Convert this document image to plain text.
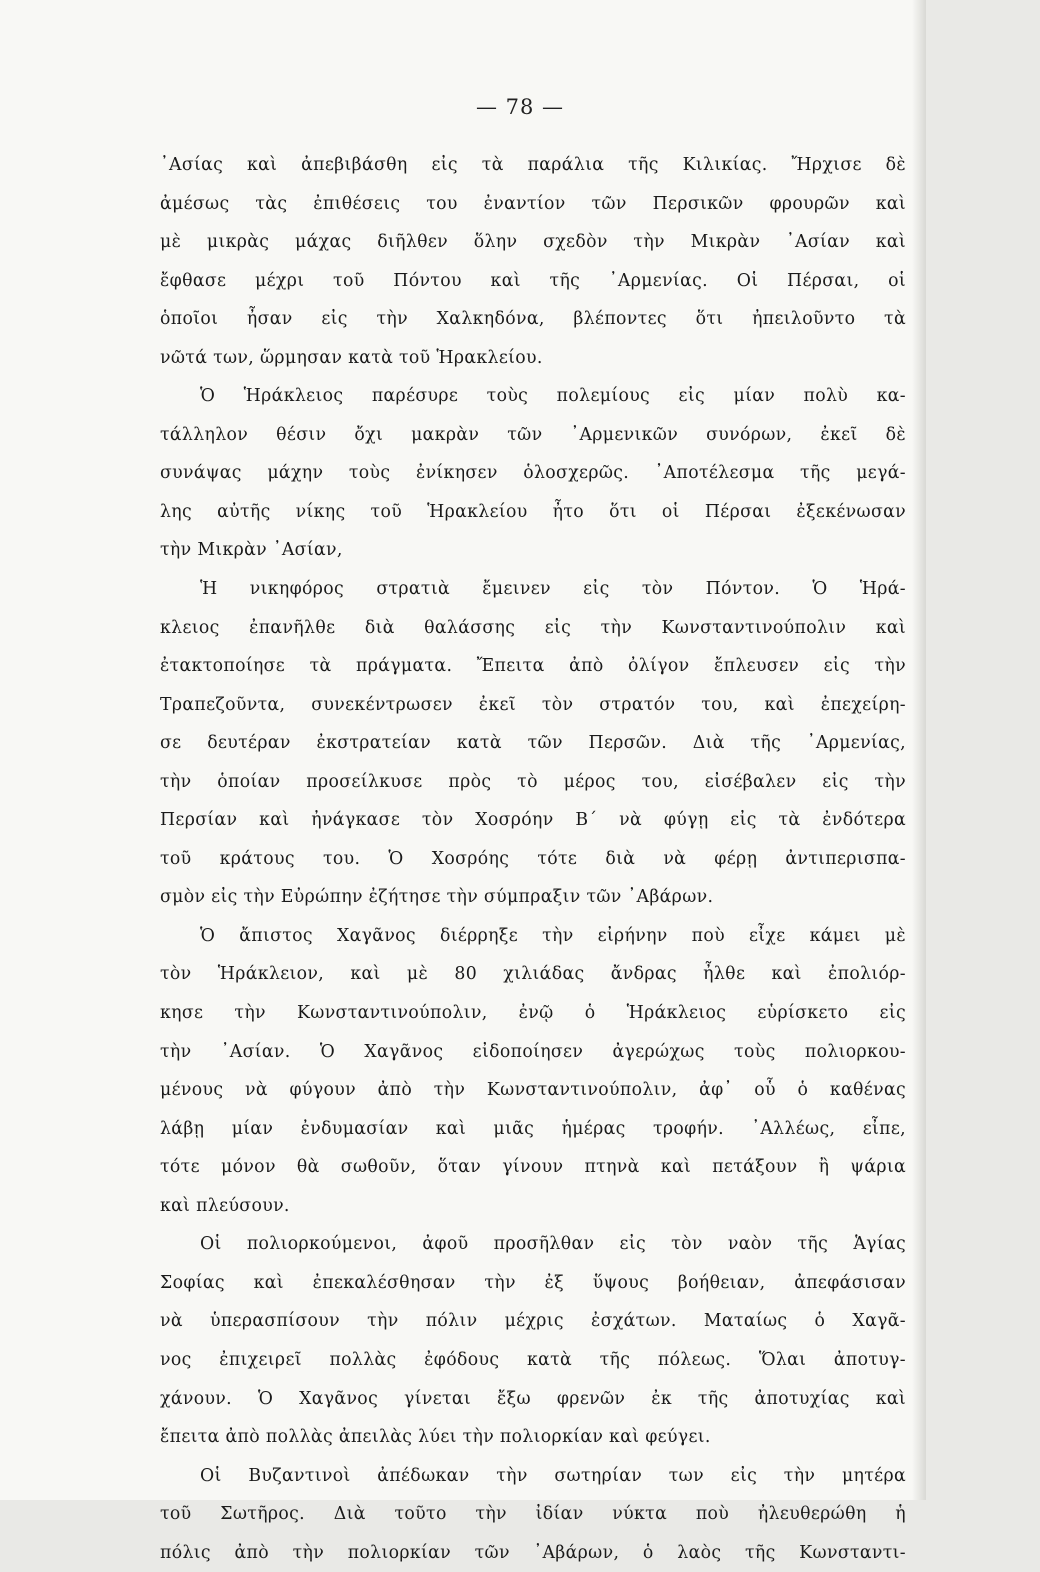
— 78 —
᾿Ασίας καὶ ἀπεβιβάσθη εἰς τὰ παράλια τῆς Κιλικίας. Ἤρχισε δὲ
ἀμέσως τὰς ἐπιθέσεις του ἐναντίον τῶν Περσικῶν φρουρῶν καὶ
μὲ μικρὰς μάχας διῆλθεν ὅλην σχεδὸν τὴν Μικρὰν ᾿Ασίαν καὶ
ἔφθασε μέχρι τοῦ Πόντου καὶ τῆς ᾿Αρμενίας. Οἱ Πέρσαι, οἱ
ὁποῖοι ἦσαν εἰς τὴν Χαλκηδόνα, βλέποντες ὅτι ἠπειλοῦντο τὰ
νῶτά των, ὥρμησαν κατὰ τοῦ Ἡρακλείου.
Ὁ Ἡράκλειος παρέσυρε τοὺς πολεμίους εἰς μίαν πολὺ κα-
τάλληλον θέσιν ὄχι μακρὰν τῶν ᾿Αρμενικῶν συνόρων, ἐκεῖ δὲ
συνάψας μάχην τοὺς ἐνίκησεν ὁλοσχερῶς. ᾿Αποτέλεσμα τῆς μεγά-
λης αὐτῆς νίκης τοῦ Ἡρακλείου ἦτο ὅτι οἱ Πέρσαι ἐξεκένωσαν
τὴν Μικρὰν ᾿Ασίαν,
Ἡ νικηφόρος στρατιὰ ἔμεινεν εἰς τὸν Πόντον. Ὁ Ἡρά-
κλειος ἐπανῆλθε διὰ θαλάσσης εἰς τὴν Κωνσταντινούπολιν καὶ
ἐτακτοποίησε τὰ πράγματα. Ἔπειτα ἀπὸ ὀλίγον ἔπλευσεν εἰς τὴν
Τραπεζοῦντα, συνεκέντρωσεν ἐκεῖ τὸν στρατόν του, καὶ ἐπεχείρη-
σε δευτέραν ἐκστρατείαν κατὰ τῶν Περσῶν. Διὰ τῆς ᾿Αρμενίας,
τὴν ὁποίαν προσείλκυσε πρὸς τὸ μέρος του, εἰσέβαλεν εἰς τὴν
Περσίαν καὶ ἠνάγκασε τὸν Χοσρόην Β΄ νὰ φύγῃ εἰς τὰ ἐνδότερα
τοῦ κράτους του. Ὁ Χοσρόης τότε διὰ νὰ φέρῃ ἀντιπερισπα-
σμὸν εἰς τὴν Εὐρώπην ἐζήτησε τὴν σύμπραξιν τῶν ᾿Αβάρων.
Ὁ ἄπιστος Χαγᾶνος διέρρηξε τὴν εἰρήνην ποὺ εἶχε κάμει μὲ
τὸν Ἡράκλειον, καὶ μὲ 80 χιλιάδας ἄνδρας ἦλθε καὶ ἐπολιόρ-
κησε τὴν Κωνσταντινούπολιν, ἐνῷ ὁ Ἡράκλειος εὑρίσκετο εἰς
τὴν ᾿Ασίαν. Ὁ Χαγᾶνος εἰδοποίησεν ἀγερώχως τοὺς πολιορκου-
μένους νὰ φύγουν ἀπὸ τὴν Κωνσταντινούπολιν, ἀφ᾿ οὗ ὁ καθένας
λάβῃ μίαν ἐνδυμασίαν καὶ μιᾶς ἡμέρας τροφήν. ᾿Αλλέως, εἶπε,
τότε μόνον θὰ σωθοῦν, ὅταν γίνουν πτηνὰ καὶ πετάξουν ἢ ψάρια
καὶ πλεύσουν.
Οἱ πολιορκούμενοι, ἀφοῦ προσῆλθαν εἰς τὸν ναὸν τῆς Ἁγίας
Σοφίας καὶ ἐπεκαλέσθησαν τὴν ἐξ ὕψους βοήθειαν, ἀπεφάσισαν
νὰ ὑπερασπίσουν τὴν πόλιν μέχρις ἐσχάτων. Ματαίως ὁ Χαγᾶ-
νος ἐπιχειρεῖ πολλὰς ἐφόδους κατὰ τῆς πόλεως. Ὅλαι ἀποτυγ-
χάνουν. Ὁ Χαγᾶνος γίνεται ἔξω φρενῶν ἐκ τῆς ἀποτυχίας καὶ
ἔπειτα ἀπὸ πολλὰς ἀπειλὰς λύει τὴν πολιορκίαν καὶ φεύγει.
Οἱ Βυζαντινοὶ ἀπέδωκαν τὴν σωτηρίαν των εἰς τὴν μητέρα
τοῦ Σωτῆρος. Διὰ τοῦτο τὴν ἰδίαν νύκτα ποὺ ἠλευθερώθη ἡ
πόλις ἀπὸ τὴν πολιορκίαν τῶν ᾿Αβάρων, ὁ λαὸς τῆς Κωνσταντι-
